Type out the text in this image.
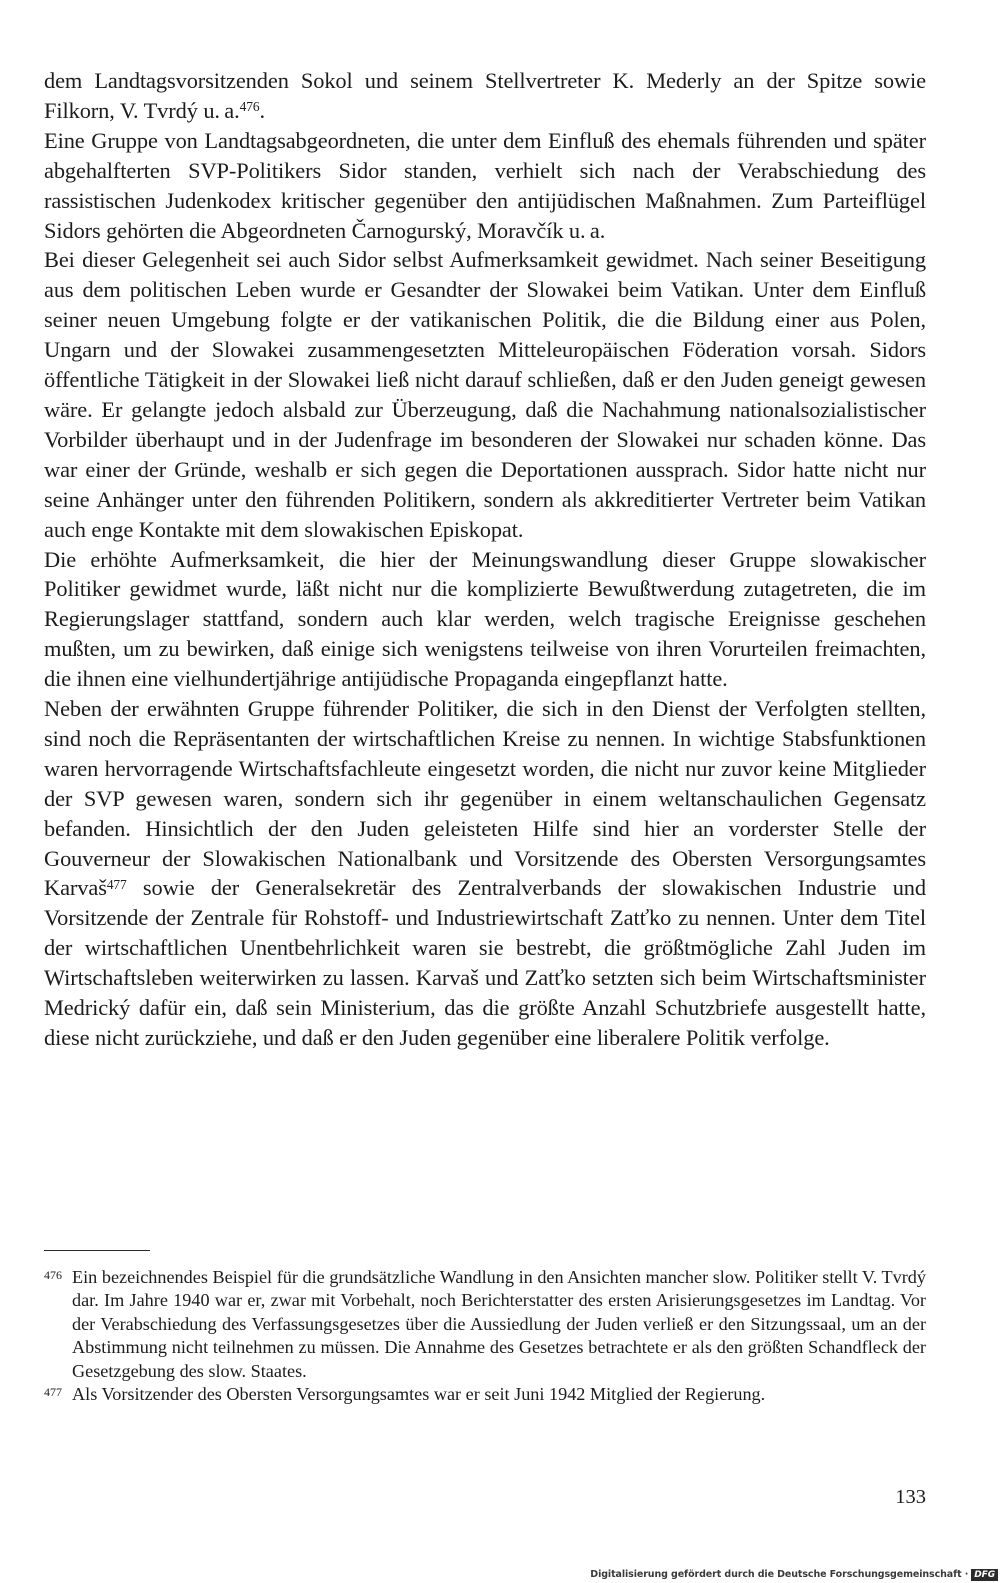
dem Landtagsvorsitzenden Sokol und seinem Stellvertreter K. Mederly an der Spitze sowie Filkorn, V. Tvrdý u. a.$^{476}$.

Eine Gruppe von Landtagsabgeordneten, die unter dem Einfluß des ehemals führenden und später abgehalfterten SVP-Politikers Sidor standen, verhielt sich nach der Verabschiedung des rassistischen Judenkodex kritischer gegenüber den antijüdischen Maßnahmen. Zum Parteiflügel Sidors gehörten die Abgeordneten Čarnogurský, Moravčík u. a.

Bei dieser Gelegenheit sei auch Sidor selbst Aufmerksamkeit gewidmet. Nach seiner Beseitigung aus dem politischen Leben wurde er Gesandter der Slowakei beim Vatikan. Unter dem Einfluß seiner neuen Umgebung folgte er der vatikanischen Politik, die die Bildung einer aus Polen, Ungarn und der Slowakei zusammengesetzten Mitteleuropäischen Föderation vorsah. Sidors öffentliche Tätigkeit in der Slowakei ließ nicht darauf schließen, daß er den Juden geneigt gewesen wäre. Er gelangte jedoch alsbald zur Überzeugung, daß die Nachahmung nationalsozialistischer Vorbilder überhaupt und in der Judenfrage im besonderen der Slowakei nur schaden könne. Das war einer der Gründe, weshalb er sich gegen die Deportationen aussprach. Sidor hatte nicht nur seine Anhänger unter den führenden Politikern, sondern als akkreditierter Vertreter beim Vatikan auch enge Kontakte mit dem slowakischen Episkopat.

Die erhöhte Aufmerksamkeit, die hier der Meinungswandlung dieser Gruppe slowakischer Politiker gewidmet wurde, läßt nicht nur die komplizierte Bewußtwerdung zutagetreten, die im Regierungslager stattfand, sondern auch klar werden, welch tragische Ereignisse geschehen mußten, um zu bewirken, daß einige sich wenigstens teilweise von ihren Vorurteilen freimachten, die ihnen eine vielhundertjährige antijüdische Propaganda eingepflanzt hatte.

Neben der erwähnten Gruppe führender Politiker, die sich in den Dienst der Verfolgten stellten, sind noch die Repräsentanten der wirtschaftlichen Kreise zu nennen. In wichtige Stabsfunktionen waren hervorragende Wirtschaftsfachleute eingesetzt worden, die nicht nur zuvor keine Mitglieder der SVP gewesen waren, sondern sich ihr gegenüber in einem weltanschaulichen Gegensatz befanden. Hinsichtlich der den Juden geleisteten Hilfe sind hier an vorderster Stelle der Gouverneur der Slowakischen Nationalbank und Vorsitzende des Obersten Versorgungsamtes Karvaš$^{477}$ sowie der Generalsekretär des Zentralverbands der slowakischen Industrie und Vorsitzende der Zentrale für Rohstoff- und Industriewirtschaft Zatťko zu nennen. Unter dem Titel der wirtschaftlichen Unentbehrlichkeit waren sie bestrebt, die größtmögliche Zahl Juden im Wirtschaftsleben weiterwirken zu lassen. Karvaš und Zatťko setzten sich beim Wirtschaftsminister Medrický dafür ein, daß sein Ministerium, das die größte Anzahl Schutzbriefe ausgestellt hatte, diese nicht zurückziehe, und daß er den Juden gegenüber eine liberalere Politik verfolge.

476 Ein bezeichnendes Beispiel für die grundsätzliche Wandlung in den Ansichten mancher slow. Politiker stellt V. Tvrdý dar. Im Jahre 1940 war er, zwar mit Vorbehalt, noch Berichterstatter des ersten Arisierungsgesetzes im Landtag. Vor der Verabschiedung des Verfassungsgesetzes über die Aussiedlung der Juden verließ er den Sitzungssaal, um an der Abstimmung nicht teilnehmen zu müssen. Die Annahme des Gesetzes betrachtete er als den größten Schandfleck der Gesetzgebung des slow. Staates.
477 Als Vorsitzender des Obersten Versorgungsamtes war er seit Juni 1942 Mitglied der Regierung.
133
Digitalisierung gefördert durch die Deutsche Forschungsgemeinschaft · DFG
